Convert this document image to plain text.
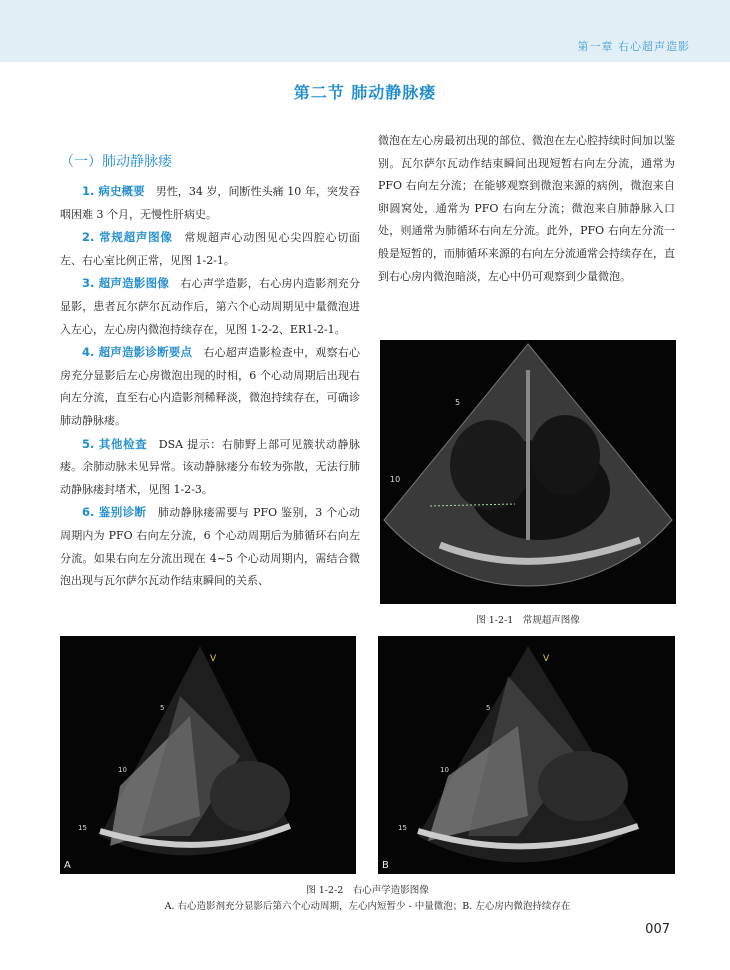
第一章 右心超声造影
第二节 肺动静脉瘘
（一）肺动静脉瘘

1. 病史概要　 男性，34 岁，间断性头痛 10 年，突发吞咽困难 3 个月，无慢性肝病史。

2. 常规超声图像　 常规超声心动图见心尖四腔心切面左、右心室比例正常，见图 1-2-1。

3. 超声造影图像　 右心声学造影，右心房内造影剂充分显影，患者瓦尔萨尔瓦动作后，第六个心动周期见中量微泡进入左心，左心房内微泡持续存在，见图 1-2-2、ER1-2-1。

4. 超声造影诊断要点　 右心超声造影检查中，观察右心房充分显影后左心房微泡出现的时相，6 个心动周期后出现右向左分流，直至右心内造影剂稀释淡，微泡持续存在，可确诊肺动静脉瘘。

5. 其他检查　 DSA 提示：右肺野上部可见簇状动静脉瘘。余肺动脉未见异常。该动静脉瘘分布较为弥散，无法行肺动静脉瘘封堵术，见图 1-2-3。

6. 鉴别诊断　 肺动静脉瘘需要与 PFO 鉴别，3 个心动周期内为 PFO 右向左分流，6 个心动周期后为肺循环右向左分流。如果右向左分流出现在 4~5 个心动周期内，需结合微泡出现与瓦尔萨尔瓦动作结束瞬间的关系、

微泡在左心房最初出现的部位、微泡在左心腔持续时间加以鉴别。瓦尔萨尔瓦动作结束瞬间出现短暂右向左分流，通常为 PFO 右向左分流；在能够观察到微泡来源的病例，微泡来自卵圆窝处，通常为 PFO 右向左分流；微泡来自肺静脉入口处，则通常为肺循环右向左分流。此外，PFO 右向左分流一般是短暂的，而肺循环来源的右向左分流通常会持续存在，直到右心房内微泡暗淡，左心中仍可观察到少量微泡。

5
10
图 1-2-1　常规超声图像
V
5
10
15
A
V
5
10
15
B
图 1-2-2　右心声学造影图像
A. 右心造影剂充分显影后第六个心动周期，左心内短暂少 - 中量微泡；B. 左心房内微泡持续存在
007
